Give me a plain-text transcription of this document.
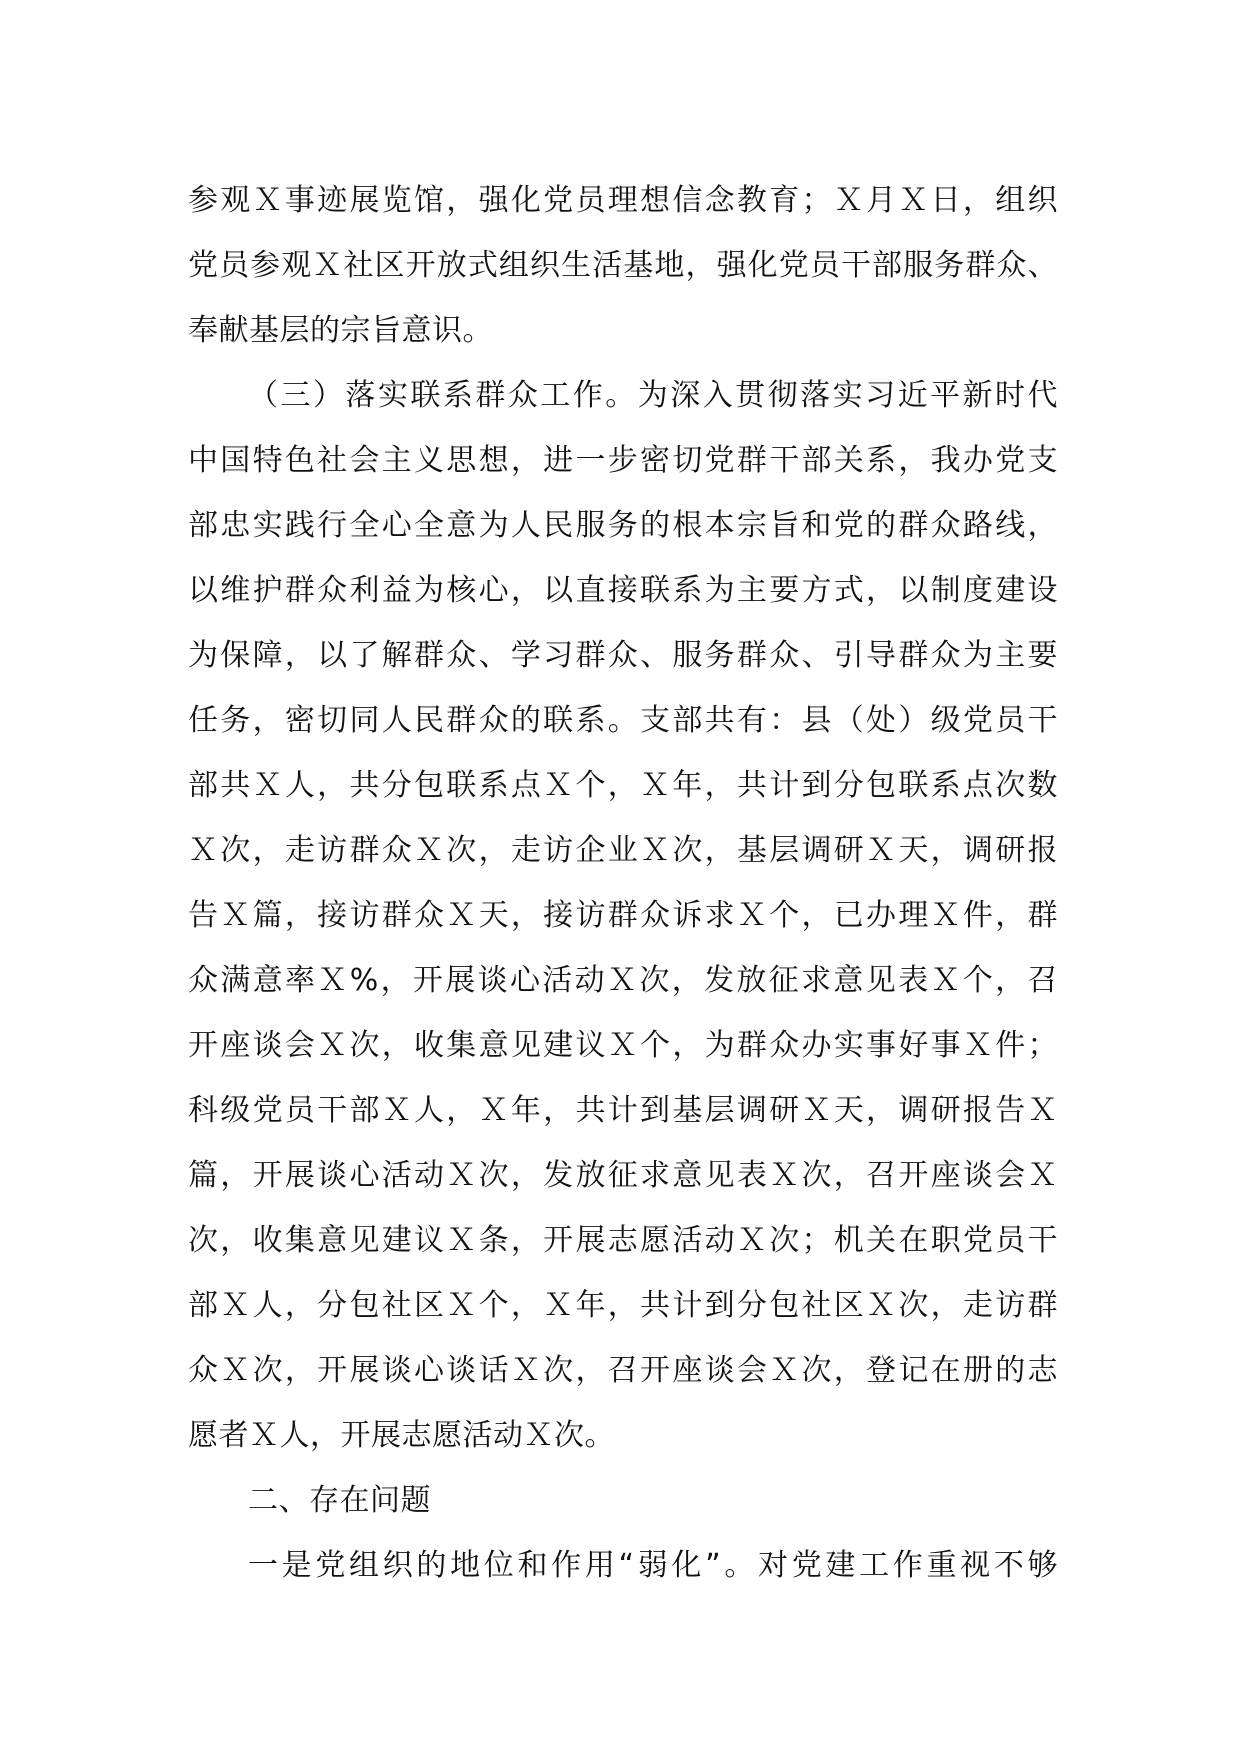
参观Ｘ事迹展览馆，强化党员理想信念教育；Ｘ月Ｘ日，组织
党员参观Ｘ社区开放式组织生活基地，强化党员干部服务群众、
奉献基层的宗旨意识。
（三）落实联系群众工作。为深入贯彻落实习近平新时代
中国特色社会主义思想，进一步密切党群干部关系，我办党支
部忠实践行全心全意为人民服务的根本宗旨和党的群众路线，
以维护群众利益为核心，以直接联系为主要方式，以制度建设
为保障，以了解群众、学习群众、服务群众、引导群众为主要
任务，密切同人民群众的联系。支部共有：县（处）级党员干
部共Ｘ人，共分包联系点Ｘ个，Ｘ年，共计到分包联系点次数
Ｘ次，走访群众Ｘ次，走访企业Ｘ次，基层调研Ｘ天，调研报
告Ｘ篇，接访群众Ｘ天，接访群众诉求Ｘ个，已办理Ｘ件，群
众满意率Ｘ%，开展谈心活动Ｘ次，发放征求意见表Ｘ个，召
开座谈会Ｘ次，收集意见建议Ｘ个，为群众办实事好事Ｘ件；
科级党员干部Ｘ人，Ｘ年，共计到基层调研Ｘ天，调研报告Ｘ
篇，开展谈心活动Ｘ次，发放征求意见表Ｘ次，召开座谈会Ｘ
次，收集意见建议Ｘ条，开展志愿活动Ｘ次；机关在职党员干
部Ｘ人，分包社区Ｘ个，Ｘ年，共计到分包社区Ｘ次，走访群
众Ｘ次，开展谈心谈话Ｘ次，召开座谈会Ｘ次，登记在册的志
愿者Ｘ人，开展志愿活动Ｘ次。
二、存在问题
一是党组织的地位和作用“弱化”。对党建工作重视不够
